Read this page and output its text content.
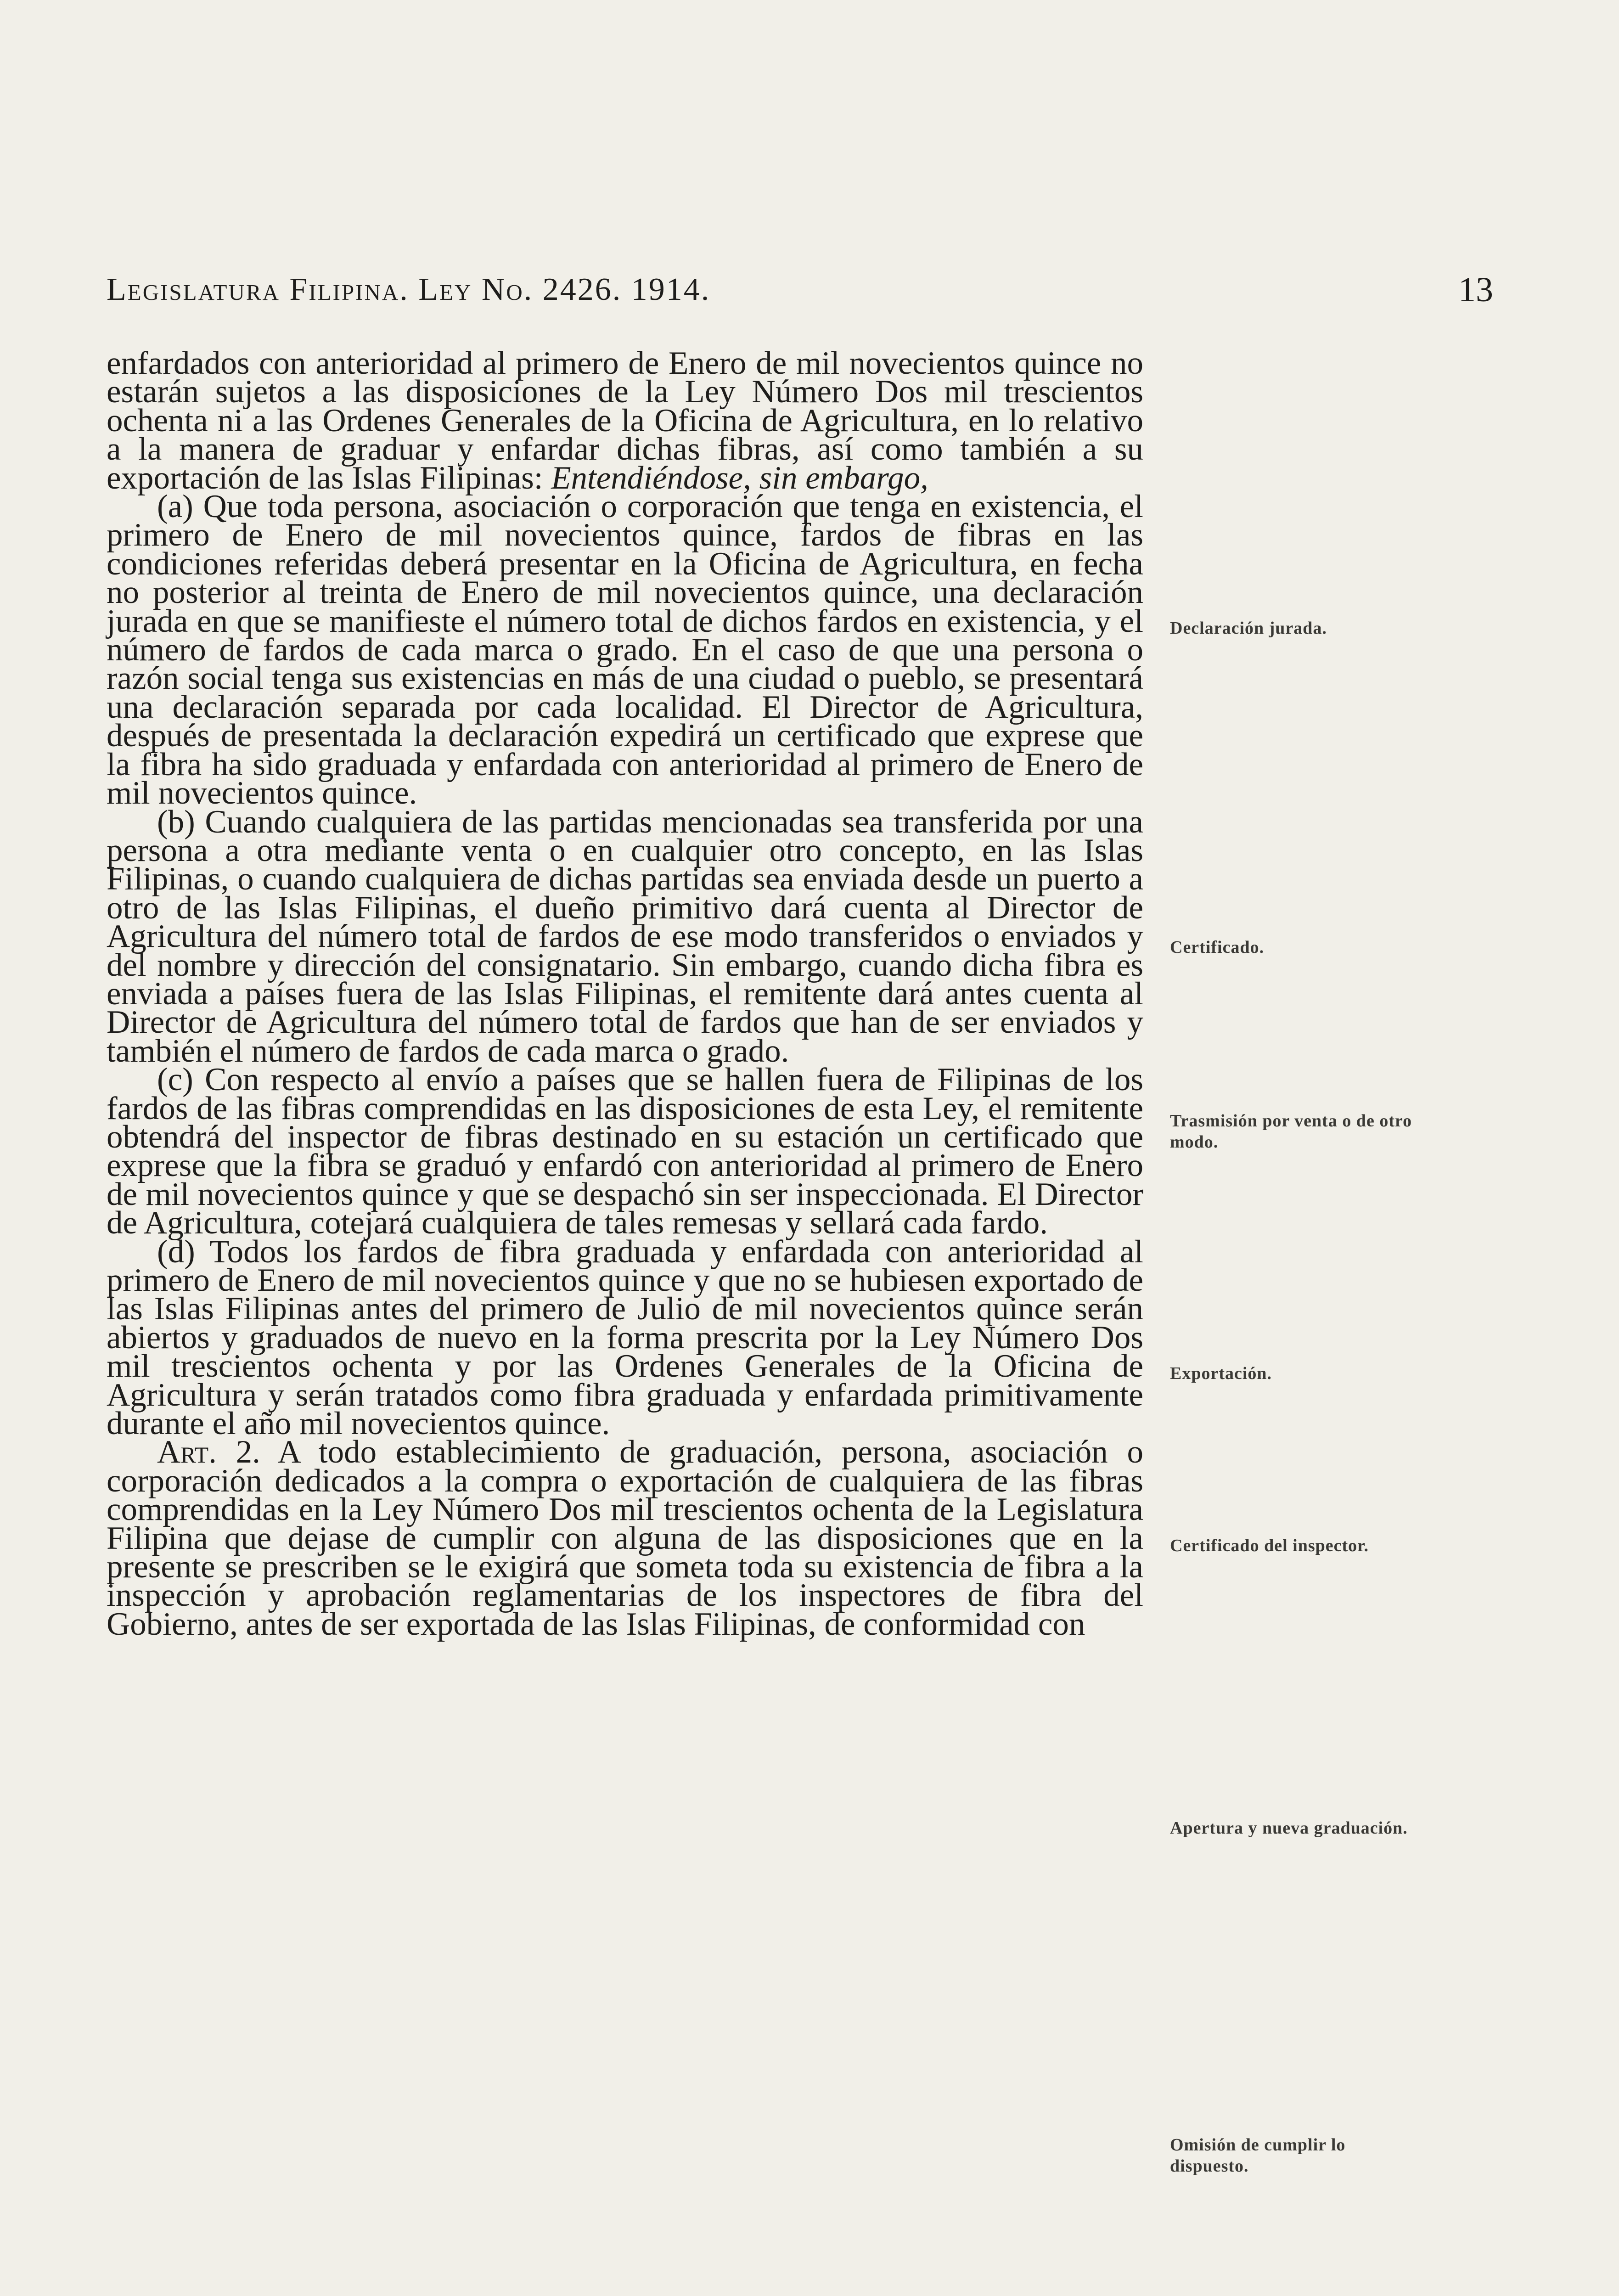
Legislatura Filipina. Ley No. 2426. 1914.	13

enfardados con anterioridad al primero de Enero de mil novecientos quince no estarán sujetos a las disposiciones de la Ley Número Dos mil trescientos ochenta ni a las Ordenes Generales de la Oficina de Agricultura, en lo relativo a la manera de graduar y enfardar dichas fibras, así como también a su exportación de las Islas Filipinas: Entendiéndose, sin embargo,

(a) Que toda persona, asociación o corporación que tenga en existencia, el primero de Enero de mil novecientos quince, fardos de fibras en las condiciones referidas deberá presentar en la Oficina de Agricultura, en fecha no posterior al treinta de Enero de mil novecientos quince, una declaración jurada en que se manifieste el número total de dichos fardos en existencia, y el número de fardos de cada marca o grado. En el caso de que una persona o razón social tenga sus existencias en más de una ciudad o pueblo, se presentará una declaración separada por cada localidad. El Director de Agricultura, después de presentada la declaración expedirá un certificado que exprese que la fibra ha sido graduada y enfardada con anterioridad al primero de Enero de mil novecientos quince.

(b) Cuando cualquiera de las partidas mencionadas sea transferida por una persona a otra mediante venta o en cualquier otro concepto, en las Islas Filipinas, o cuando cualquiera de dichas partidas sea enviada desde un puerto a otro de las Islas Filipinas, el dueño primitivo dará cuenta al Director de Agricultura del número total de fardos de ese modo transferidos o enviados y del nombre y dirección del consignatario. Sin embargo, cuando dicha fibra es enviada a países fuera de las Islas Filipinas, el remitente dará antes cuenta al Director de Agricultura del número total de fardos que han de ser enviados y también el número de fardos de cada marca o grado.

(c) Con respecto al envío a países que se hallen fuera de Filipinas de los fardos de las fibras comprendidas en las disposiciones de esta Ley, el remitente obtendrá del inspector de fibras destinado en su estación un certificado que exprese que la fibra se graduó y enfardó con anterioridad al primero de Enero de mil novecientos quince y que se despachó sin ser inspeccionada. El Director de Agricultura, cotejará cualquiera de tales remesas y sellará cada fardo.

(d) Todos los fardos de fibra graduada y enfardada con anterioridad al primero de Enero de mil novecientos quince y que no se hubiesen exportado de las Islas Filipinas antes del primero de Julio de mil novecientos quince serán abiertos y graduados de nuevo en la forma prescrita por la Ley Número Dos mil trescientos ochenta y por las Ordenes Generales de la Oficina de Agricultura y serán tratados como fibra graduada y enfardada primitivamente durante el año mil novecientos quince.

Art. 2. A todo establecimiento de graduación, persona, asociación o corporación dedicados a la compra o exportación de cualquiera de las fibras comprendidas en la Ley Número Dos mil trescientos ochenta de la Legislatura Filipina que dejase de cumplir con alguna de las disposiciones que en la presente se prescriben se le exigirá que someta toda su existencia de fibra a la inspección y aprobación reglamentarias de los inspectores de fibra del Gobierno, antes de ser exportada de las Islas Filipinas, de conformidad con

Declaración jurada.
Certificado.
Trasmisión por venta o de otro modo.
Exportación.
Certificado del inspector.
Apertura y nueva graduación.
Omisión de cumplir lo dispuesto.
